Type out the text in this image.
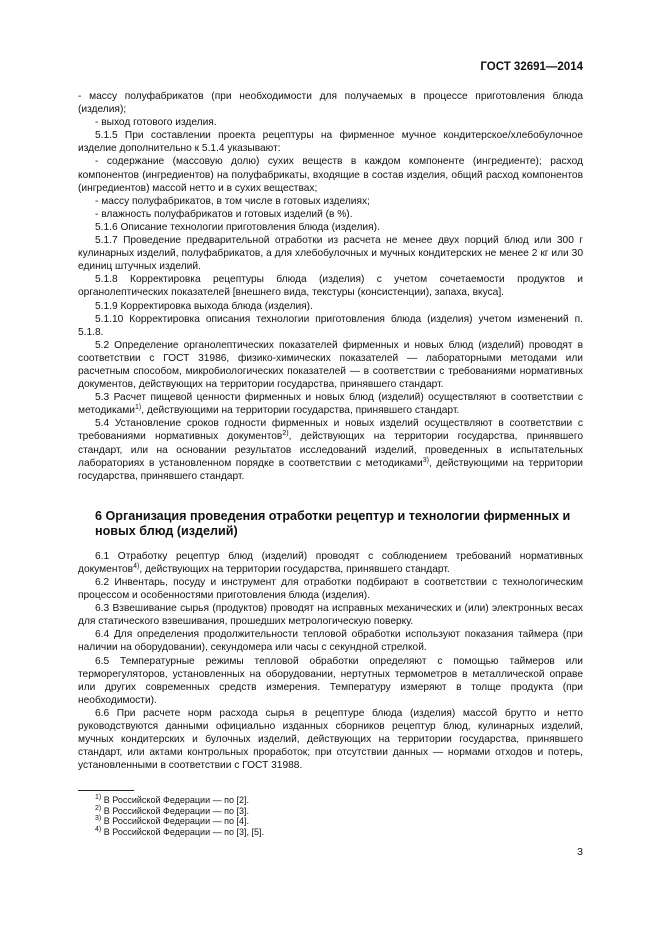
ГОСТ 32691—2014

- массу полуфабрикатов (при необходимости для получаемых в процессе приготовления блюда (изделия);

- выход готового изделия.

5.1.5 При составлении проекта рецептуры на фирменное мучное кондитерское/хлебобулочное изделие дополнительно к 5.1.4 указывают:

- содержание (массовую долю) сухих веществ в каждом компоненте (ингредиенте); расход компонентов (ингредиентов) на полуфабрикаты, входящие в состав изделия, общий расход компонентов (ингредиентов) массой нетто и в сухих веществах;

- массу полуфабрикатов, в том числе в готовых изделиях;

- влажность полуфабрикатов и готовых изделий (в %).

5.1.6 Описание технологии приготовления блюда (изделия).

5.1.7 Проведение предварительной отработки из расчета не менее двух порций блюд или 300 г кулинарных изделий, полуфабрикатов, а для хлебобулочных и мучных кондитерских не менее 2 кг или 30 единиц штучных изделий.

5.1.8 Корректировка рецептуры блюда (изделия) с учетом сочетаемости продуктов и органолептических показателей [внешнего вида, текстуры (консистенции), запаха, вкуса].

5.1.9 Корректировка выхода блюда (изделия).

5.1.10 Корректировка описания технологии приготовления блюда (изделия) учетом изменений п. 5.1.8.

5.2 Определение органолептических показателей фирменных и новых блюд (изделий) проводят в соответствии с ГОСТ 31986, физико-химических показателей — лабораторными методами или расчетным способом, микробиологических показателей — в соответствии с требованиями нормативных документов, действующих на территории государства, принявшего стандарт.

5.3 Расчет пищевой ценности фирменных и новых блюд (изделий) осуществляют в соответствии с методиками$^{1)}$, действующими на территории государства, принявшего стандарт.

5.4 Установление сроков годности фирменных и новых изделий осуществляют в соответствии с требованиями нормативных документов$^{2)}$, действующих на территории государства, принявшего стандарт, или на основании результатов исследований изделий, проведенных в испытательных лабораториях в установленном порядке в соответствии с методиками$^{3)}$, действующими на территории государства, принявшего стандарт.

6 Организация проведения отработки рецептур и технологии фирменных и новых блюд (изделий)

6.1 Отработку рецептур блюд (изделий) проводят с соблюдением требований нормативных документов$^{4)}$, действующих на территории государства, принявшего стандарт.

6.2 Инвентарь, посуду и инструмент для отработки подбирают в соответствии с технологическим процессом и особенностями приготовления блюда (изделия).

6.3 Взвешивание сырья (продуктов) проводят на исправных механических и (или) электронных весах для статического взвешивания, прошедших метрологическую поверку.

6.4 Для определения продолжительности тепловой обработки используют показания таймера (при наличии на оборудовании), секундомера или часы с секундной стрелкой.

6.5 Температурные режимы тепловой обработки определяют с помощью таймеров или терморегуляторов, установленных на оборудовании, нертутных термометров в металлической оправе или других современных средств измерения. Температуру измеряют в толще продукта (при необходимости).

6.6 При расчете норм расхода сырья в рецептуре блюда (изделия) массой брутто и нетто руководствуются данными официально изданных сборников рецептур блюд, кулинарных изделий, мучных кондитерских и булочных изделий, действующих на территории государства, принявшего стандарт, или актами контрольных проработок; при отсутствии данных — нормами отходов и потерь, установленными в соответствии с ГОСТ 31988.

$^{1)}$ В Российской Федерации — по [2].

$^{2)}$ В Российской Федерации — по [3].

$^{3)}$ В Российской Федерации — по [4].

$^{4)}$ В Российской Федерации — по [3], [5].

3
